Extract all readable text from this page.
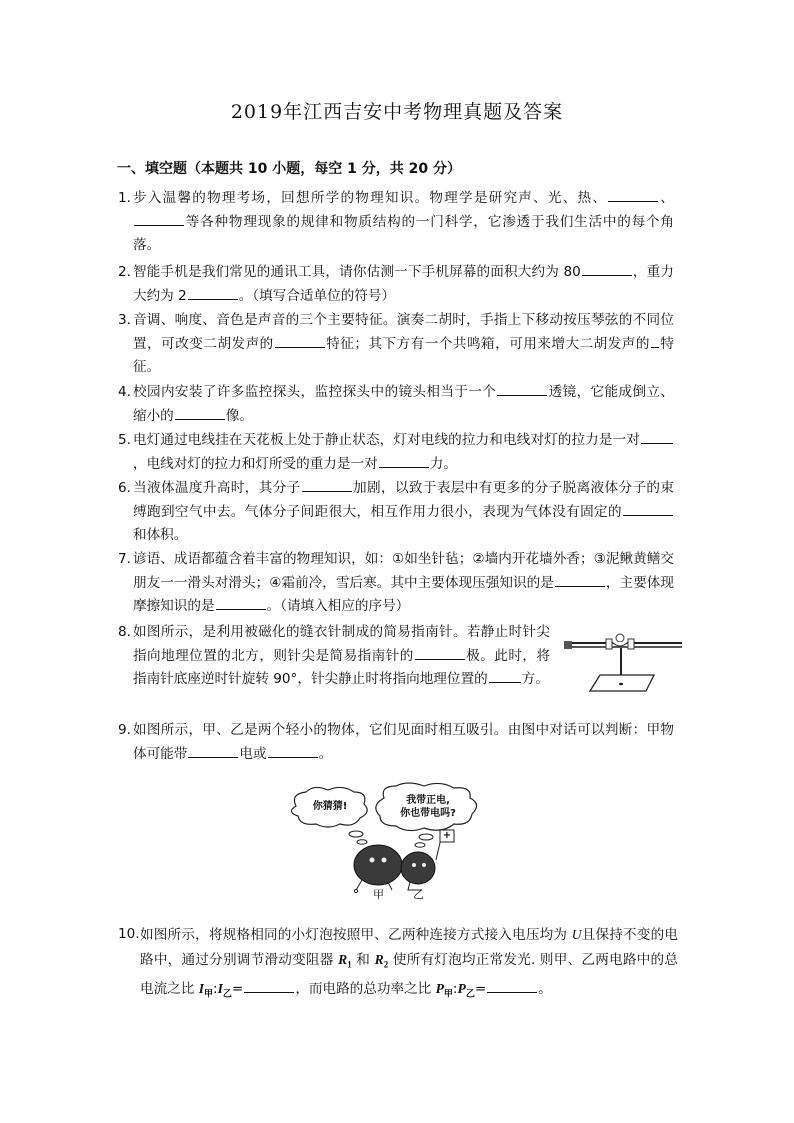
2019年江西吉安中考物理真题及答案
一、填空题（本题共 10 小题，每空 1 分，共 20 分）
1. 步入温馨的物理考场，回想所学的物理知识。物理学是研究声、光、热、	、等各种物理现象的规律和物质结构的一门科学，它渗透于我们生活中的每个角落。
2. 智能手机是我们常见的通讯工具，请你估测一下手机屏幕的面积大约为 80	，重力大约为 2	。（填写合适单位的符号）
3. 音调、响度、音色是声音的三个主要特征。演奏二胡时，手指上下移动按压琴弦的不同位置，可改变二胡发声的	特征；其下方有一个共鸣箱，可用来增大二胡发声的 特征。
4. 校园内安装了许多监控探头，监控探头中的镜头相当于一个	透镜，它能成倒立、缩小的	像。
5. 电灯通过电线挂在天花板上处于静止状态，灯对电线的拉力和电线对灯的拉力是一对，电线对灯的拉力和灯所受的重力是一对	力。
6. 当液体温度升高时，其分子	加剧，以致于表层中有更多的分子脱离液体分子的束缚跑到空气中去。气体分子间距很大，相互作用力很小，表现为气体没有固定的和体积。
7. 谚语、成语都蕴含着丰富的物理知识，如：①如坐针毡；②墙内开花墙外香；③泥鳅黄鳝交朋友一一滑头对滑头；④霜前冷，雪后寒。其中主要体现压强知识的是	，主要体现摩擦知识的是	。（请填入相应的序号）
8. 如图所示，是利用被磁化的缝衣针制成的简易指南针。若静止时针尖指向地理位置的北方，则针尖是简易指南针的	极。此时，将指南针底座逆时针旋转 90°，针尖静止时将指向地理位置的	方。
9. 如图所示，甲、乙是两个轻小的物体，它们见面时相互吸引。由图中对话可以判断：甲物体可能带	电或	。
你猜猜!
我带正电,
你也带电吗?
+
甲	乙
10. 如图所示，将规格相同的小灯泡按照甲、乙两种连接方式接入电压均为 U且保持不变的电路中，通过分别调节滑动变阻器 $R_1$ 和 $R_2$ 使所有灯泡均正常发光. 则甲、乙两电路中的总电流之比 $I_甲:I_乙=$	，而电路的总功率之比 $P_甲:P_乙=$	。
